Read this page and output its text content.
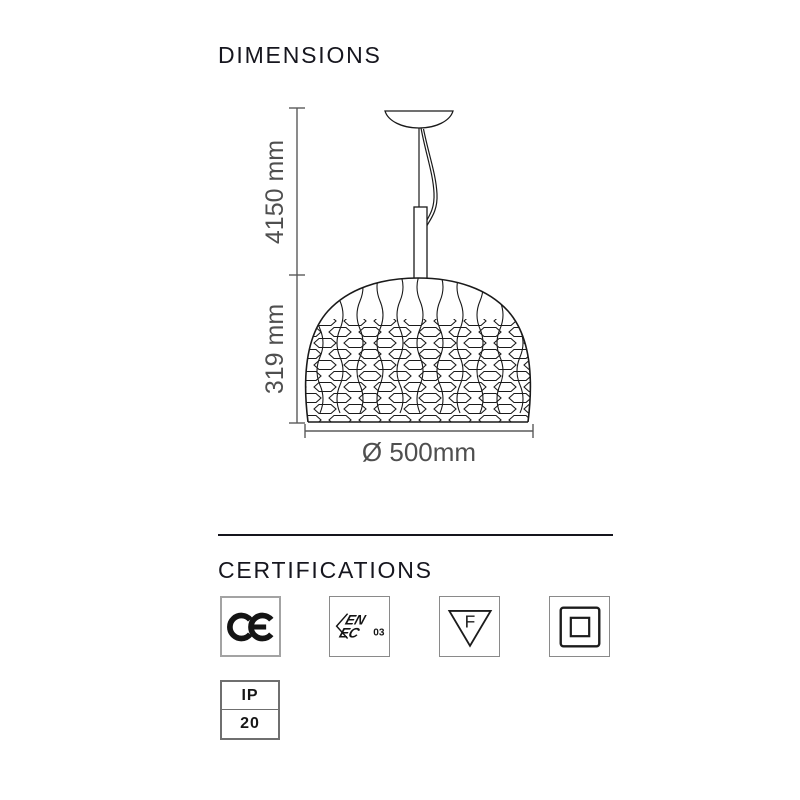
DIMENSIONS
4150 mm
319 mm
Ø 500mm
CERTIFICATIONS
EN
EC 03
F
IP
20
